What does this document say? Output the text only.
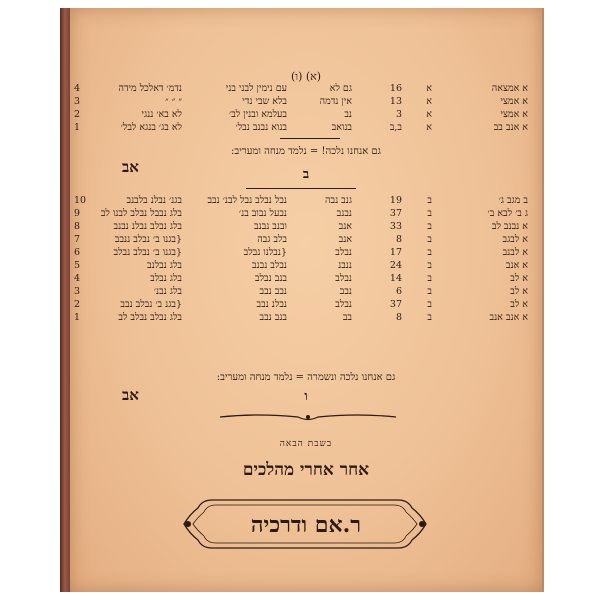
(ו) (א)
א אמצאה
א
16
גם לא
עם נימין לבני בני
נדמ׳ דאלכל מידה
4
א אמצי
א
13
אין נדמה
בלא שבי נדי
״ ״ ״
3
א אמצי
א
3
נב
בעלמא ובנין לב׳
לא בא׳ ננגי
2
א אנב בב
א
ב,ב
בנואב
בנוא נבנב נבל׳
לא בג׳ בנגא לבל׳
1
גם אנחנו נלכה! = נלמד מנחה ומעריב:
אב	ב
ב מגב ג׳
ב
19
גנב נבה
נבל נבלב נבל לבנ׳ נבב
בגנ׳ נבלנ בלבנב
10
ג ב׳ לבא ב׳
ב
37
נבנב
נבעל נבוב בנ׳
בלג נבבל נבלב לבנו לב
9
א נבנב לב
ב
33
אנב
ובנב נבנב
בלג נבלב נבלנ נבנב
8
א לבגב
ב
8
אנב
בלב גבה
{בגנו ב׳ נבלב ננבב
7
א לבנב
ב
17
נבלב
{נבלנו נבלב
{בגנו ב׳ נבלב נבלב
6
א אנב
ב
24
ננבנ
נבלב נבנב
בלג נבלנב
5
א לב
ב
14
נבלב
בנב נבלב
בלג נבלב
4
א לב
ב
6
נבב
נבב נבב
בלג נבנ׳
3
א לב
ב
37
נבלב
נבלנ נבב
{בגנ ב׳ נבלב נבב
2
א אנב אנב
ב
8
בב
בנב נבב
בלג נבלב נבלב לב
1
גם אנחנו נלכה ונשמרה = נלמד מנחה ומעריב:
אב	ו
בשבת הבאה
אחר אחרי מהלכים
ר.אם ודרכיה
